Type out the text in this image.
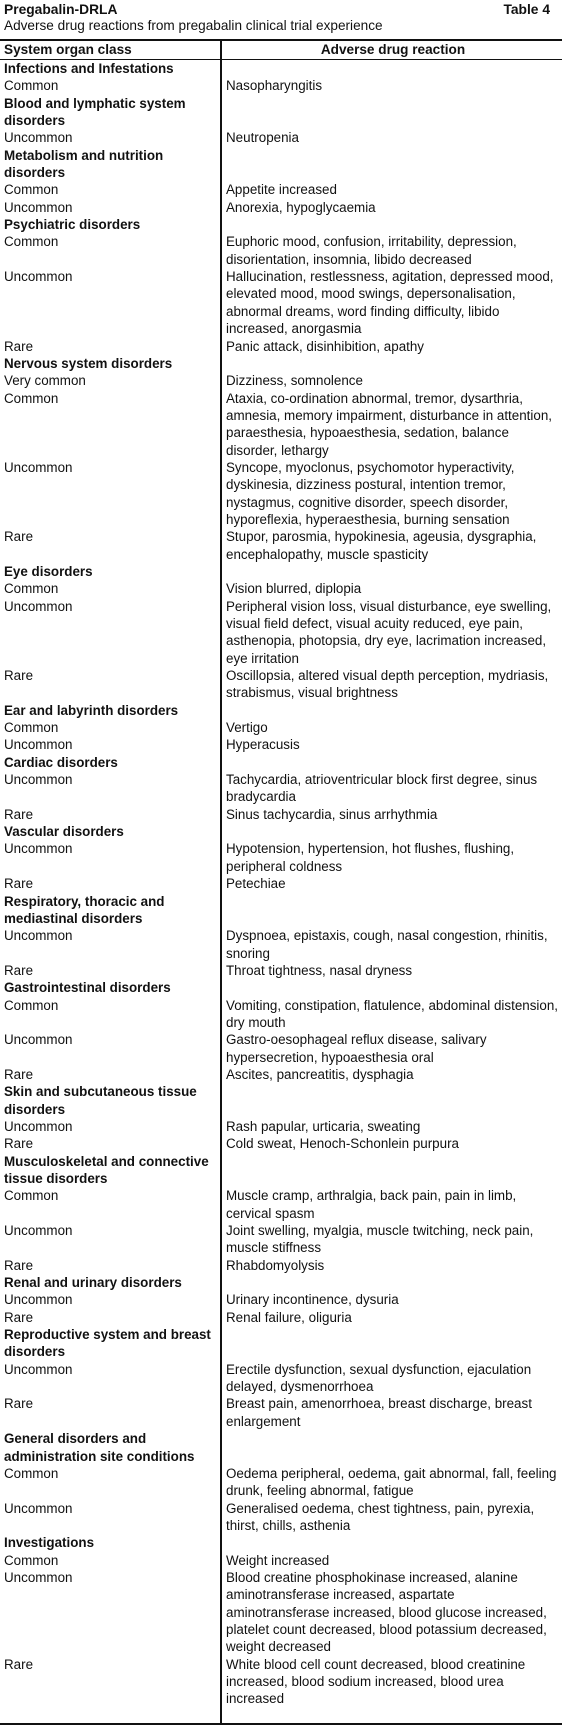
Pregabalin-DRLA	Table 4
Adverse drug reactions from pregabalin clinical trial experience
System organ class	Adverse drug reaction
Infections and Infestations	
Common	Nasopharyngitis
Blood and lymphatic system disorders	
Uncommon	Neutropenia
Metabolism and nutrition disorders	
Common	Appetite increased
Uncommon	Anorexia, hypoglycaemia
Psychiatric disorders	
Common	Euphoric mood, confusion, irritability, depression, disorientation, insomnia, libido decreased
Uncommon	Hallucination, restlessness, agitation, depressed mood, elevated mood, mood swings, depersonalisation, abnormal dreams, word finding difficulty, libido increased, anorgasmia
Rare	Panic attack, disinhibition, apathy
Nervous system disorders	
Very common	Dizziness, somnolence
Common	Ataxia, co-ordination abnormal, tremor, dysarthria, amnesia, memory impairment, disturbance in attention, paraesthesia, hypoaesthesia, sedation, balance disorder, lethargy
Uncommon	Syncope, myoclonus, psychomotor hyperactivity, dyskinesia, dizziness postural, intention tremor, nystagmus, cognitive disorder, speech disorder, hyporeflexia, hyperaesthesia, burning sensation
Rare	Stupor, parosmia, hypokinesia, ageusia, dysgraphia, encephalopathy, muscle spasticity
Eye disorders	
Common	Vision blurred, diplopia
Uncommon	Peripheral vision loss, visual disturbance, eye swelling, visual field defect, visual acuity reduced, eye pain, asthenopia, photopsia, dry eye, lacrimation increased, eye irritation
Rare	Oscillopsia, altered visual depth perception, mydriasis, strabismus, visual brightness
Ear and labyrinth disorders	
Common	Vertigo
Uncommon	Hyperacusis
Cardiac disorders	
Uncommon	Tachycardia, atrioventricular block first degree, sinus bradycardia
Rare	Sinus tachycardia, sinus arrhythmia
Vascular disorders	
Uncommon	Hypotension, hypertension, hot flushes, flushing, peripheral coldness
Rare	Petechiae
Respiratory, thoracic and mediastinal disorders	
Uncommon	Dyspnoea, epistaxis, cough, nasal congestion, rhinitis, snoring
Rare	Throat tightness, nasal dryness
Gastrointestinal disorders	
Common	Vomiting, constipation, flatulence, abdominal distension, dry mouth
Uncommon	Gastro-oesophageal reflux disease, salivary hypersecretion, hypoaesthesia oral
Rare	Ascites, pancreatitis, dysphagia
Skin and subcutaneous tissue disorders	
Uncommon	Rash papular, urticaria, sweating
Rare	Cold sweat, Henoch-Schonlein purpura
Musculoskeletal and connective tissue disorders	
Common	Muscle cramp, arthralgia, back pain, pain in limb, cervical spasm
Uncommon	Joint swelling, myalgia, muscle twitching, neck pain, muscle stiffness
Rare	Rhabdomyolysis
Renal and urinary disorders	
Uncommon	Urinary incontinence, dysuria
Rare	Renal failure, oliguria
Reproductive system and breast disorders	
Uncommon	Erectile dysfunction, sexual dysfunction, ejaculation delayed, dysmenorrhoea
Rare	Breast pain, amenorrhoea, breast discharge, breast enlargement
General disorders and administration site conditions	
Common	Oedema peripheral, oedema, gait abnormal, fall, feeling drunk, feeling abnormal, fatigue
Uncommon	Generalised oedema, chest tightness, pain, pyrexia, thirst, chills, asthenia
Investigations	
Common	Weight increased
Uncommon	Blood creatine phosphokinase increased, alanine aminotransferase increased, aspartate aminotransferase increased, blood glucose increased, platelet count decreased, blood potassium decreased, weight decreased
Rare	White blood cell count decreased, blood creatinine increased, blood sodium increased, blood urea increased
